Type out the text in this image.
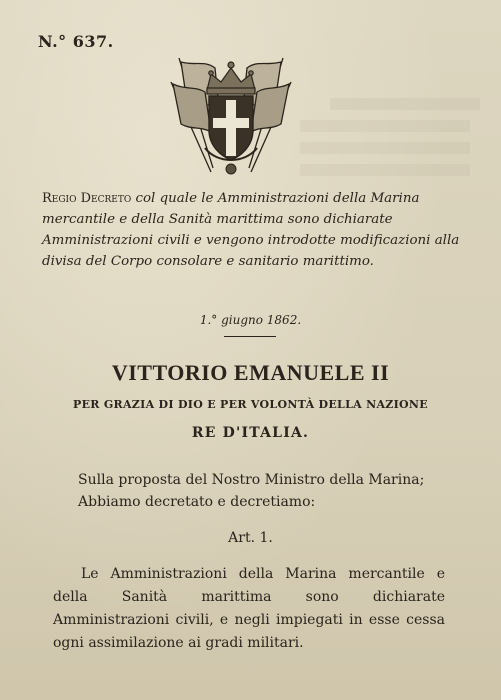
N.° 637.
Regio Decreto col quale le Amministrazioni della Marina mercantile e della Sanità marittima sono dichiarate Amministrazioni civili e vengono introdotte modificazioni alla divisa del Corpo consolare e sanitario marittimo.
1.° giugno 1862.
VITTORIO EMANUELE II
PER GRAZIA DI DIO E PER VOLONTÀ DELLA NAZIONE
RE D'ITALIA.
Sulla proposta del Nostro Ministro della Marina;
Abbiamo decretato e decretiamo:
Art. 1.
Le Amministrazioni della Marina mercantile e della Sanità marittima sono dichiarate Amministrazioni civili, e negli impiegati in esse cessa ogni assimilazione ai gradi militari.
